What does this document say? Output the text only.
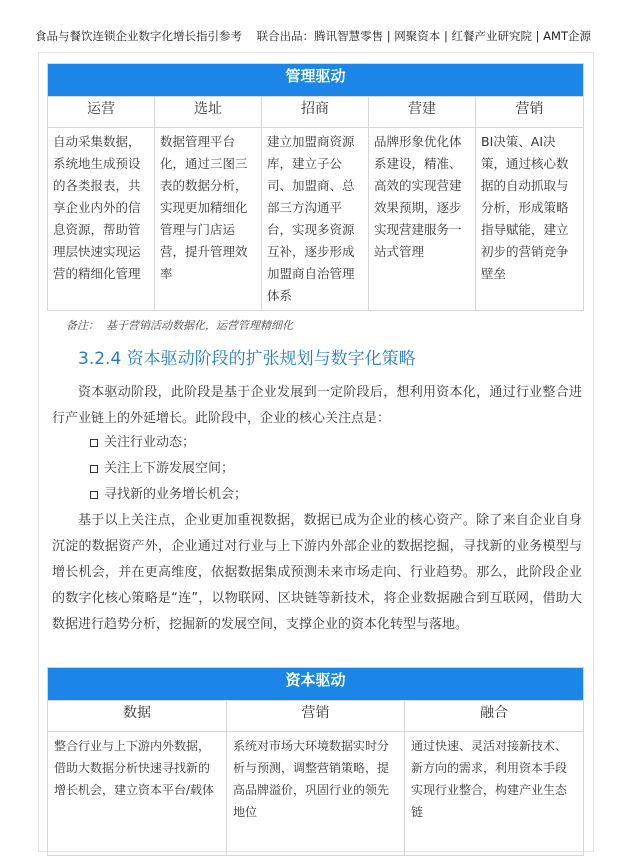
食品与餐饮连锁企业数字化增长指引参考    联合出品：腾讯智慧零售 | 网聚资本 | 红餐产业研究院 | AMT企源
管理驱动				
运营	选址	招商	营建	营销
自动采集数据，系统地生成预设的各类报表，共享企业内外的信息资源，帮助管理层快速实现运营的精细化管理	数据管理平台化，通过三图三表的数据分析，实现更加精细化管理与门店运营，提升管理效率	建立加盟商资源库，建立子公司、加盟商、总部三方沟通平台，实现多资源互补，逐步形成加盟商自治管理体系	品牌形象优化体系建设，精准、高效的实现营建效果预期，逐步实现营建服务一站式管理	BI决策、AI决策，通过核心数据的自动抓取与分析，形成策略指导赋能，建立初步的营销竞争壁垒
备注：  基于营销活动数据化，运营管理精细化
3.2.4 资本驱动阶段的扩张规划与数字化策略

资本驱动阶段，此阶段是基于企业发展到一定阶段后，想利用资本化，通过行业整合进行产业链上的外延增长。此阶段中，企业的核心关注点是：

关注行业动态；
关注上下游发展空间；
寻找新的业务增长机会；

基于以上关注点，企业更加重视数据，数据已成为企业的核心资产。除了来自企业自身沉淀的数据资产外，企业通过对行业与上下游内外部企业的数据挖掘，寻找新的业务模型与增长机会，并在更高维度，依据数据集成预测未来市场走向、行业趋势。那么，此阶段企业的数字化核心策略是“连”，以物联网、区块链等新技术，将企业数据融合到互联网，借助大数据进行趋势分析，挖掘新的发展空间，支撑企业的资本化转型与落地。

资本驱动		
数据	营销	融合
整合行业与上下游内外数据，借助大数据分析快速寻找新的增长机会，建立资本平台/载体	系统对市场大环境数据实时分析与预测，调整营销策略，提高品牌溢价，巩固行业的领先地位	通过快速、灵活对接新技术、新方向的需求，利用资本手段实现行业整合，构建产业生态链
